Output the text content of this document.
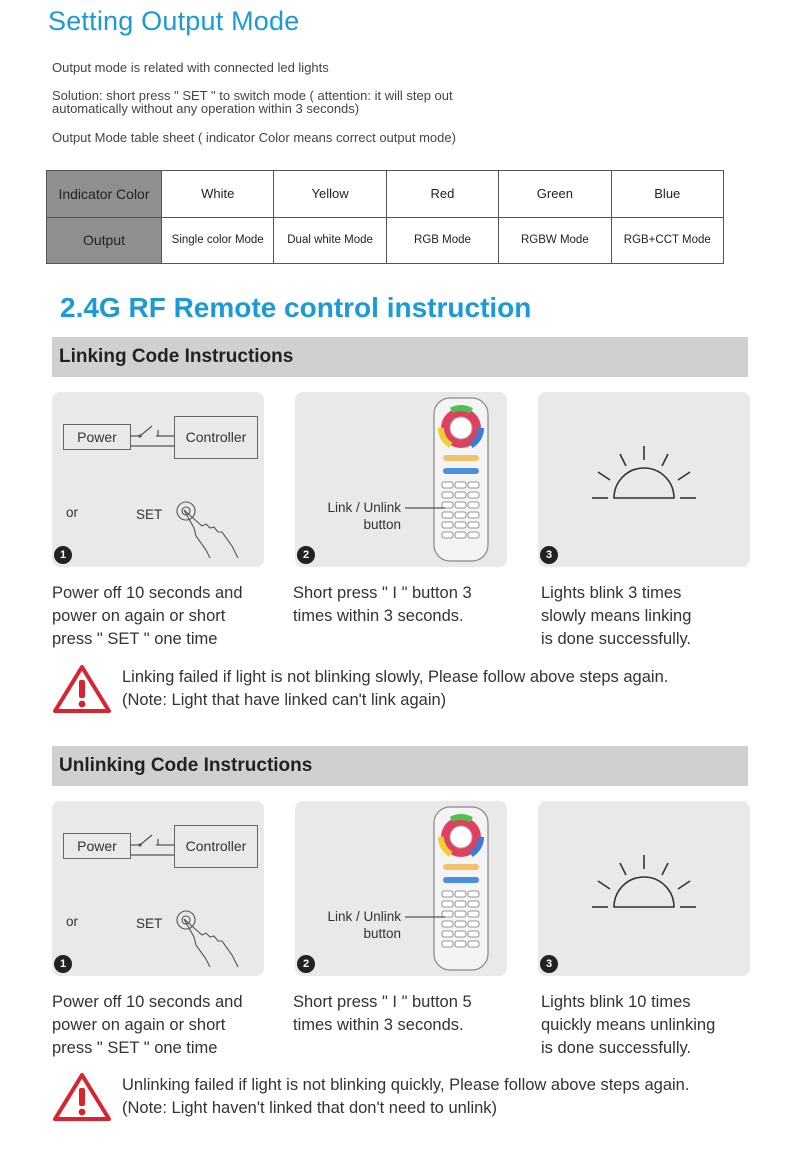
Setting Output Mode
Output mode is related with connected led lights
Solution: short press " SET " to switch mode ( attention: it will step out
automatically without any operation within 3 seconds)
Output Mode table sheet ( indicator Color means correct output mode)
Indicator Color	White	Yellow	Red	Green	Blue
Output	Single color Mode	Dual white Mode	RGB Mode	RGBW Mode	RGB+CCT Mode
2.4G RF Remote control instruction
Linking Code Instructions
Power	Controller
or	SET
1
Link / Unlink
button
2	3
Power off 10 seconds and
power on again or short
press " SET " one time
Short press " I " button 3
times within 3 seconds.
Lights blink 3 times
slowly means linking
is done successfully.
Linking failed if light is not blinking slowly, Please follow above steps again.
(Note: Light that have linked can't link again)
Unlinking Code Instructions
Power	Controller
or	SET
1
Link / Unlink
button
2	3
Power off 10 seconds and
power on again or short
press " SET " one time
Short press " I " button 5
times within 3 seconds.
Lights blink 10 times
quickly means unlinking
is done successfully.
Unlinking failed if light is not blinking quickly, Please follow above steps again.
(Note: Light haven't linked that don't need to unlink)
